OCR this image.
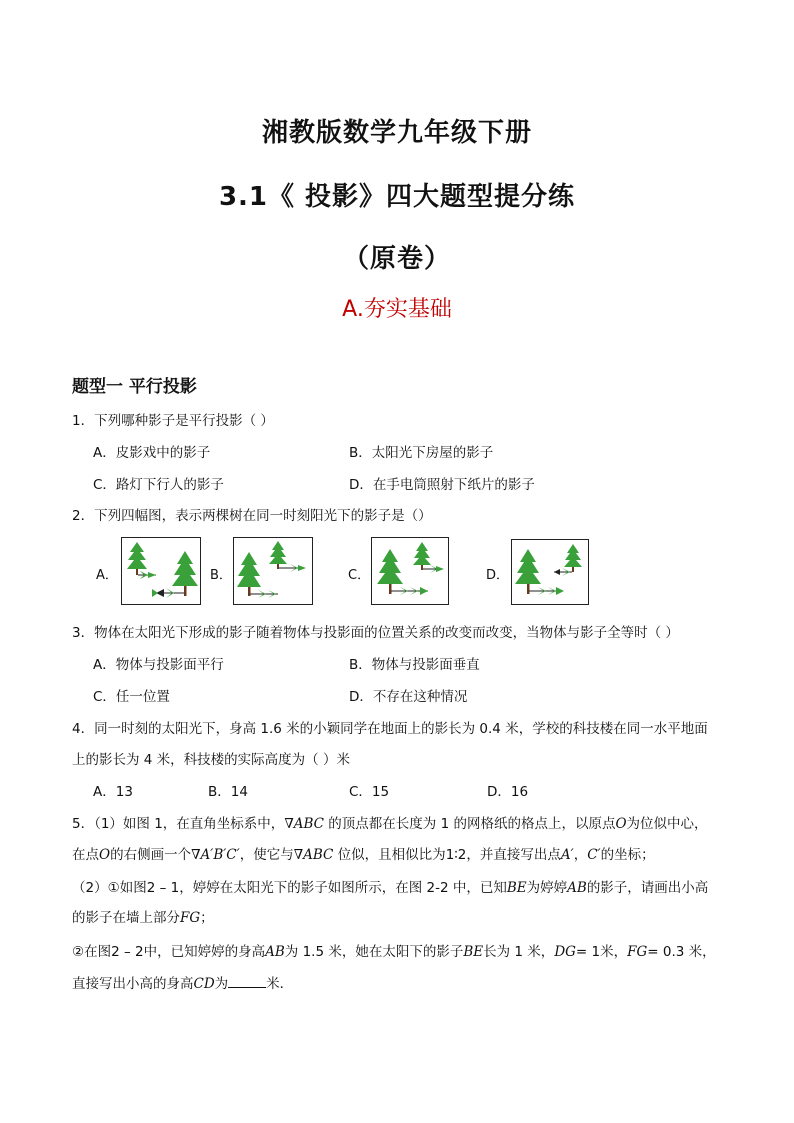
湘教版数学九年级下册
3.1《 投影》四大题型提分练
（原卷）
A.夯实基础
题型一 平行投影
1．下列哪种影子是平行投影（ ）
A．皮影戏中的影子	B．太阳光下房屋的影子
C．路灯下行人的影子	D．在手电筒照射下纸片的影子
2．下列四幅图，表示两棵树在同一时刻阳光下的影子是（）
A．	B．	C．	D．
3．物体在太阳光下形成的影子随着物体与投影面的位置关系的改变而改变，当物体与影子全等时（ ）
A．物体与投影面平行	B．物体与投影面垂直
C．任一位置	D．不存在这种情况
4．同一时刻的太阳光下，身高 1.6 米的小颖同学在地面上的影长为 0.4 米，学校的科技楼在同一水平地面
上的影长为 4 米，科技楼的实际高度为（ ）米
A．13	B．14	C．15	D．16
5．（1）如图 1，在直角坐标系中，∇ABC 的顶点都在长度为 1 的网格纸的格点上，以原点O为位似中心，
在点O的右侧画一个∇A′B′C′，使它与∇ABC 位似，且相似比为1∶2，并直接写出点A′，C′的坐标；
（2）①如图2 – 1，婷婷在太阳光下的影子如图所示，在图 2-2 中，已知BE为婷婷AB的影子，请画出小高
的影子在墙上部分FG；
②在图2 – 2中，已知婷婷的身高AB为 1.5 米，她在太阳下的影子BE长为 1 米，DG= 1米，FG= 0.3 米，
直接写出小高的身高CD为	米．
